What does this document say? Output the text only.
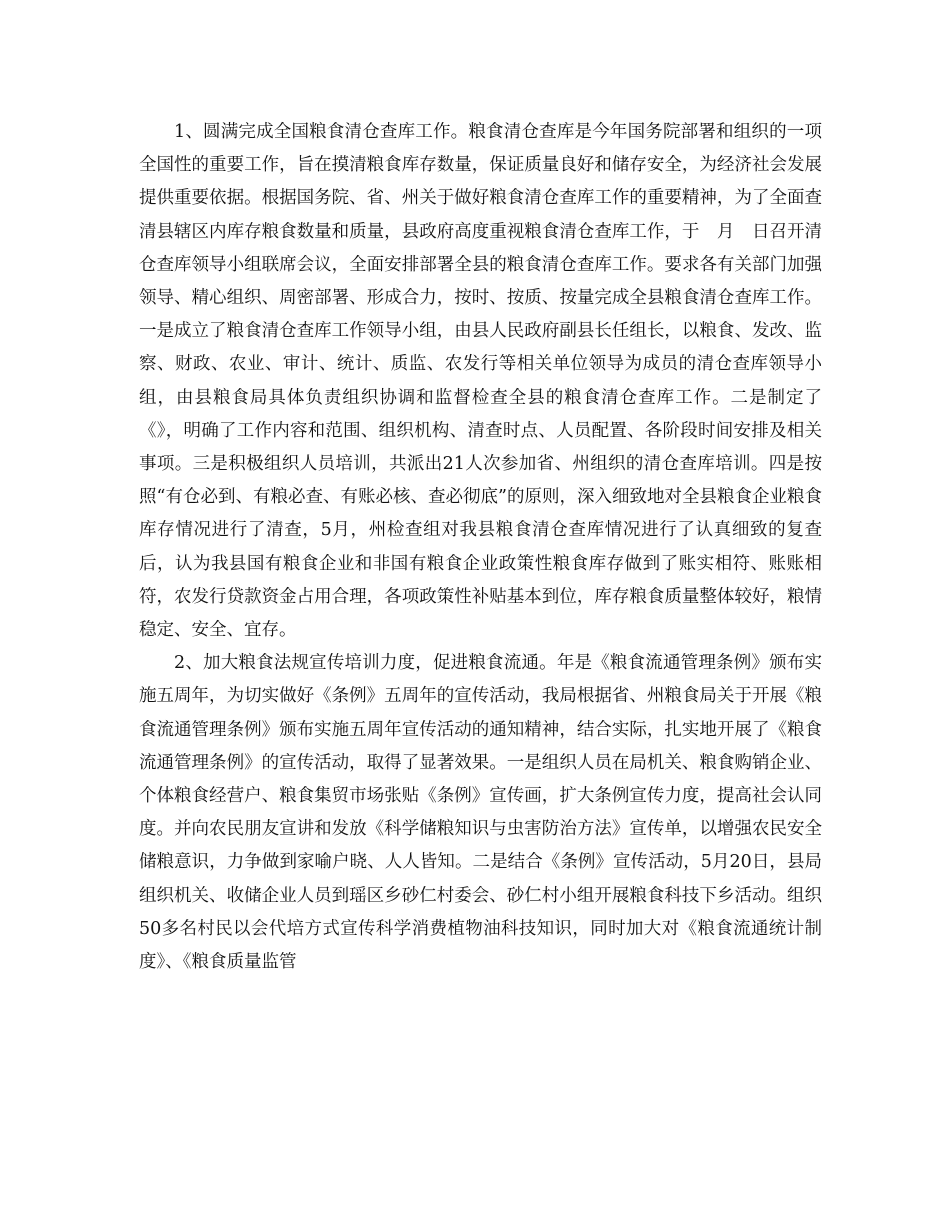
1、圆满完成全国粮食清仓查库工作。粮食清仓查库是今年国务院部署和组织的一项全国性的重要工作，旨在摸清粮食库存数量，保证质量良好和储存安全，为经济社会发展提供重要依据。根据国务院、省、州关于做好粮食清仓查库工作的重要精神，为了全面查清县辖区内库存粮食数量和质量，县政府高度重视粮食清仓查库工作，于　月　日召开清仓查库领导小组联席会议，全面安排部署全县的粮食清仓查库工作。要求各有关部门加强领导、精心组织、周密部署、形成合力，按时、按质、按量完成全县粮食清仓查库工作。一是成立了粮食清仓查库工作领导小组，由县人民政府副县长任组长，以粮食、发改、监察、财政、农业、审计、统计、质监、农发行等相关单位领导为成员的清仓查库领导小组，由县粮食局具体负责组织协调和监督检查全县的粮食清仓查库工作。二是制定了《》，明确了工作内容和范围、组织机构、清查时点、人员配置、各阶段时间安排及相关事项。三是积极组织人员培训，共派出21人次参加省、州组织的清仓查库培训。四是按照“有仓必到、有粮必查、有账必核、查必彻底”的原则，深入细致地对全县粮食企业粮食库存情况进行了清查，5月，州检查组对我县粮食清仓查库情况进行了认真细致的复查后，认为我县国有粮食企业和非国有粮食企业政策性粮食库存做到了账实相符、账账相符，农发行贷款资金占用合理，各项政策性补贴基本到位，库存粮食质量整体较好，粮情稳定、安全、宜存。

2、加大粮食法规宣传培训力度，促进粮食流通。年是《粮食流通管理条例》颁布实施五周年，为切实做好《条例》五周年的宣传活动，我局根据省、州粮食局关于开展《粮食流通管理条例》颁布实施五周年宣传活动的通知精神，结合实际，扎实地开展了《粮食流通管理条例》的宣传活动，取得了显著效果。一是组织人员在局机关、粮食购销企业、个体粮食经营户、粮食集贸市场张贴《条例》宣传画，扩大条例宣传力度，提高社会认同度。并向农民朋友宣讲和发放《科学储粮知识与虫害防治方法》宣传单，以增强农民安全储粮意识，力争做到家喻户晓、人人皆知。二是结合《条例》宣传活动，5月20日，县局组织机关、收储企业人员到瑶区乡砂仁村委会、砂仁村小组开展粮食科技下乡活动。组织50多名村民以会代培方式宣传科学消费植物油科技知识，同时加大对《粮食流通统计制度》、《粮食质量监管
